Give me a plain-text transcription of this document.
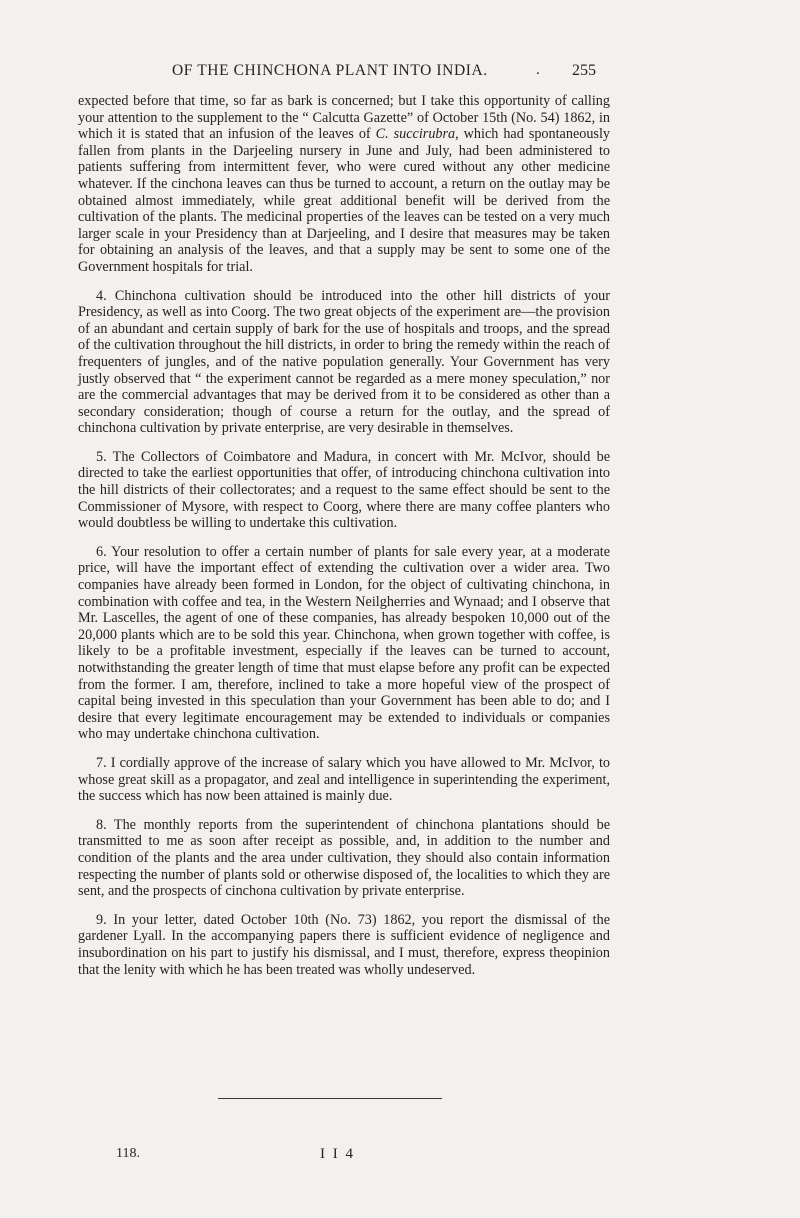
OF THE CHINCHONA PLANT INTO INDIA.	. 255

expected before that time, so far as bark is concerned; but I take this opportunity of calling your attention to the supplement to the “ Calcutta Gazette” of October 15th (No. 54) 1862, in which it is stated that an infusion of the leaves of C. succirubra, which had spontaneously fallen from plants in the Darjeeling nursery in June and July, had been administered to patients suffering from intermittent fever, who were cured without any other medicine whatever. If the cinchona leaves can thus be turned to account, a return on the outlay may be obtained almost immediately, while great additional benefit will be derived from the cultivation of the plants. The medicinal properties of the leaves can be tested on a very much larger scale in your Presidency than at Darjeeling, and I desire that measures may be taken for obtaining an analysis of the leaves, and that a supply may be sent to some one of the Government hospitals for trial.

4. Chinchona cultivation should be introduced into the other hill districts of your Presidency, as well as into Coorg. The two great objects of the experiment are—the provision of an abundant and certain supply of bark for the use of hospitals and troops, and the spread of the cultivation throughout the hill districts, in order to bring the remedy within the reach of frequenters of jungles, and of the native population generally. Your Government has very justly observed that “ the experiment cannot be regarded as a mere money speculation,” nor are the commercial advantages that may be derived from it to be considered as other than a secondary consideration; though of course a return for the outlay, and the spread of chinchona cultivation by private enterprise, are very desirable in themselves.

5. The Collectors of Coimbatore and Madura, in concert with Mr. McIvor, should be directed to take the earliest opportunities that offer, of introducing chinchona cultivation into the hill districts of their collectorates; and a request to the same effect should be sent to the Commissioner of Mysore, with respect to Coorg, where there are many coffee planters who would doubtless be willing to undertake this cultivation.

6. Your resolution to offer a certain number of plants for sale every year, at a moderate price, will have the important effect of extending the cultivation over a wider area. Two companies have already been formed in London, for the object of cultivating chinchona, in combination with coffee and tea, in the Western Neilgherries and Wynaad; and I observe that Mr. Lascelles, the agent of one of these companies, has already bespoken 10,000 out of the 20,000 plants which are to be sold this year. Chinchona, when grown together with coffee, is likely to be a profitable investment, especially if the leaves can be turned to account, notwithstanding the greater length of time that must elapse before any profit can be expected from the former. I am, therefore, inclined to take a more hopeful view of the prospect of capital being invested in this speculation than your Government has been able to do; and I desire that every legitimate encouragement may be extended to individuals or companies who may undertake chinchona cultivation.

7. I cordially approve of the increase of salary which you have allowed to Mr. McIvor, to whose great skill as a propagator, and zeal and intelligence in superintending the experiment, the success which has now been attained is mainly due.

8. The monthly reports from the superintendent of chinchona plantations should be transmitted to me as soon after receipt as possible, and, in addition to the number and condition of the plants and the area under cultivation, they should also contain information respecting the number of plants sold or otherwise disposed of, the localities to which they are sent, and the prospects of cinchona cultivation by private enterprise.

9. In your letter, dated October 10th (No. 73) 1862, you report the dismissal of the gardener Lyall. In the accompanying papers there is sufficient evidence of negligence and insubordination on his part to justify his dismissal, and I must, therefore, express theopinion that the lenity with which he has been treated was wholly undeserved.

118.	I I 4
